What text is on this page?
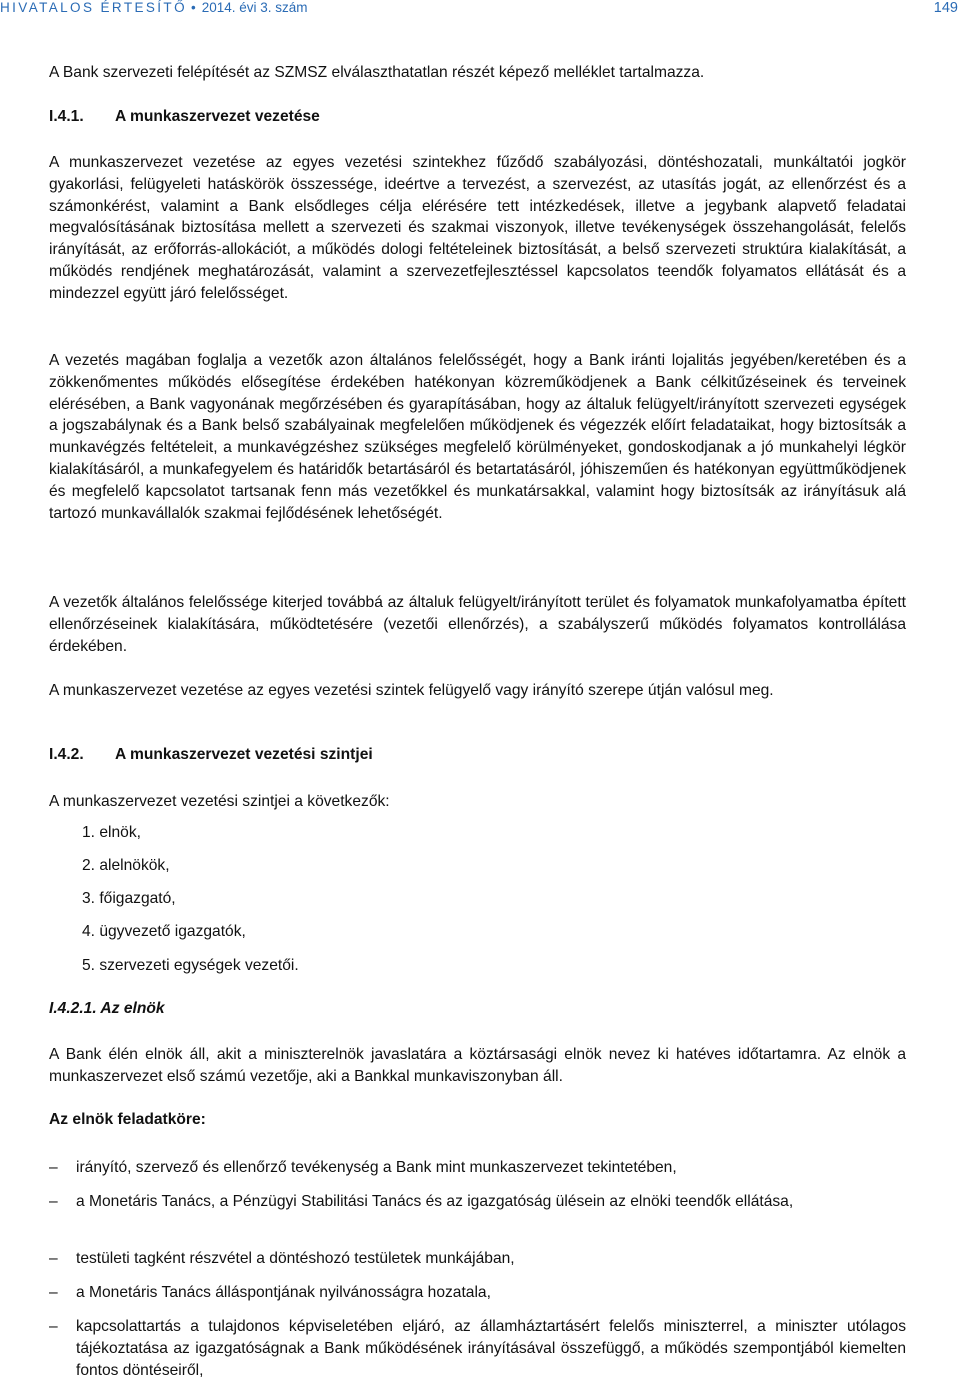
HIVATALOS ÉRTESÍTŐ • 2014. évi 3. szám	149

A Bank szervezeti felépítését az SZMSZ elválaszthatatlan részét képező melléklet tartalmazza.

I.4.1. A munkaszervezet vezetése

A munkaszervezet vezetése az egyes vezetési szintekhez fűződő szabályozási, döntéshozatali, munkáltatói jogkör gyakorlási, felügyeleti hatáskörök összessége, ideértve a tervezést, a szervezést, az utasítás jogát, az ellenőrzést és a számonkérést, valamint a Bank elsődleges célja elérésére tett intézkedések, illetve a jegybank alapvető feladatai megvalósításának biztosítása mellett a szervezeti és szakmai viszonyok, illetve tevékenységek összehangolását, felelős irányítását, az erőforrás-allokációt, a működés dologi feltételeinek biztosítását, a belső szervezeti struktúra kialakítását, a működés rendjének meghatározását, valamint a szervezetfejlesztéssel kapcsolatos teendők folyamatos ellátását és a mindezzel együtt járó felelősséget.

A vezetés magában foglalja a vezetők azon általános felelősségét, hogy a Bank iránti lojalitás jegyében/keretében és a zökkenőmentes működés elősegítése érdekében hatékonyan közreműködjenek a Bank célkitűzéseinek és terveinek elérésében, a Bank vagyonának megőrzésében és gyarapításában, hogy az általuk felügyelt/irányított szervezeti egységek a jogszabálynak és a Bank belső szabályainak megfelelően működjenek és végezzék előírt feladataikat, hogy biztosítsák a munkavégzés feltételeit, a munkavégzéshez szükséges megfelelő körülményeket, gondoskodjanak a jó munkahelyi légkör kialakításáról, a munkafegyelem és határidők betartásáról és betartatásáról, jóhiszeműen és hatékonyan együttműködjenek és megfelelő kapcsolatot tartsanak fenn más vezetőkkel és munkatársakkal, valamint hogy biztosítsák az irányításuk alá tartozó munkavállalók szakmai fejlődésének lehetőségét.

A vezetők általános felelőssége kiterjed továbbá az általuk felügyelt/irányított terület és folyamatok munkafolyamatba épített ellenőrzéseinek kialakítására, működtetésére (vezetői ellenőrzés), a szabályszerű működés folyamatos kontrollálása érdekében.

A munkaszervezet vezetése az egyes vezetési szintek felügyelő vagy irányító szerepe útján valósul meg.

I.4.2. A munkaszervezet vezetési szintjei

A munkaszervezet vezetési szintjei a következők:

1. elnök,
2. alelnökök,
3. főigazgató,
4. ügyvezető igazgatók,
5. szervezeti egységek vezetői.
I.4.2.1. Az elnök

A Bank élén elnök áll, akit a miniszterelnök javaslatára a köztársasági elnök nevez ki hatéves időtartamra. Az elnök a munkaszervezet első számú vezetője, aki a Bankkal munkaviszonyban áll.

Az elnök feladatköre:
– irányító, szervező és ellenőrző tevékenység a Bank mint munkaszervezet tekintetében,
– a Monetáris Tanács, a Pénzügyi Stabilitási Tanács és az igazgatóság ülésein az elnöki teendők ellátása,
– testületi tagként részvétel a döntéshozó testületek munkájában,
– a Monetáris Tanács álláspontjának nyilvánosságra hozatala,
–	kapcsolattartás a tulajdonos képviseletében eljáró, az államháztartásért felelős miniszterrel, a miniszter utólagos tájékoztatása az igazgatóságnak a Bank működésének irányításával összefüggő, a működés szempontjából kiemelten fontos döntéseiről,
